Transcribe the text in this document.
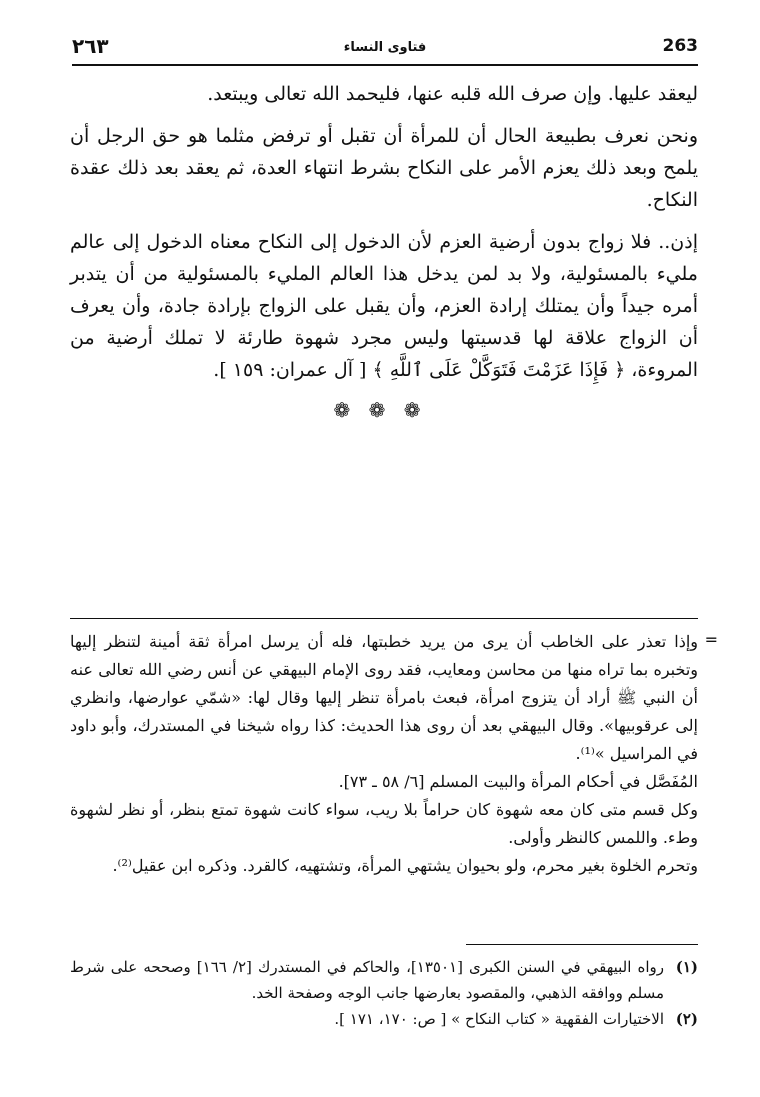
263
فتاوى النساء
٢٦٣

ليعقد عليها. وإن صرف الله قلبه عنها، فليحمد الله تعالى ويبتعد.

ونحن نعرف بطبيعة الحال أن للمرأة أن تقبل أو ترفض مثلما هو حق الرجل أن يلمح وبعد ذلك يعزم الأمر على النكاح بشرط انتهاء العدة، ثم يعقد بعد ذلك عقدة النكاح.

إذن.. فلا زواج بدون أرضية العزم لأن الدخول إلى النكاح معناه الدخول إلى عالم مليء بالمسئولية، ولا بد لمن يدخل هذا العالم المليء بالمسئولية من أن يتدبر أمره جيداً وأن يمتلك إرادة العزم، وأن يقبل على الزواج بإرادة جادة، وأن يعرف أن الزواج علاقة لها قدسيتها وليس مجرد شهوة طارئة لا تملك أرضية من المروءة، ﴿ فَإِذَا عَزَمْتَ فَتَوَكَّلْ عَلَى ٱللَّهِ ﴾ [ آل عمران: ١٥٩ ].

❁ ❁ ❁
=

وإذا تعذر على الخاطب أن يرى من يريد خطبتها، فله أن يرسل امرأة ثقة أمينة لتنظر إليها وتخبره بما تراه منها من محاسن ومعايب، فقد روى الإمام البيهقي عن أنس رضي الله تعالى عنه أن النبي ﷺ أراد أن يتزوج امرأة، فبعث بامرأة تنظر إليها وقال لها: «شمّي عوارضها، وانظري إلى عرقوبيها». وقال البيهقي بعد أن روى هذا الحديث: كذا رواه شيخنا في المستدرك، وأبو داود في المراسيل »⁽¹⁾.

المُفَصَّل في أحكام المرأة والبيت المسلم [٦/ ٥٨ ـ ٧٣].

وكل قسم متى كان معه شهوة كان حراماً بلا ريب، سواء كانت شهوة تمتع بنظر، أو نظر لشهوة وطء. واللمس كالنظر وأولى.

وتحرم الخلوة بغير محرم، ولو بحيوان يشتهي المرأة، وتشتهيه، كالقرد. وذكره ابن عقيل⁽²⁾.

(١)
رواه البيهقي في السنن الكبرى [١٣٥٠١]، والحاكم في المستدرك [٢/ ١٦٦] وصححه على شرط مسلم ووافقه الذهبي، والمقصود بعارضها جانب الوجه وصفحة الخد.
(٢)
الاختيارات الفقهية « كتاب النكاح » [ ص: ١٧٠، ١٧١ ].
